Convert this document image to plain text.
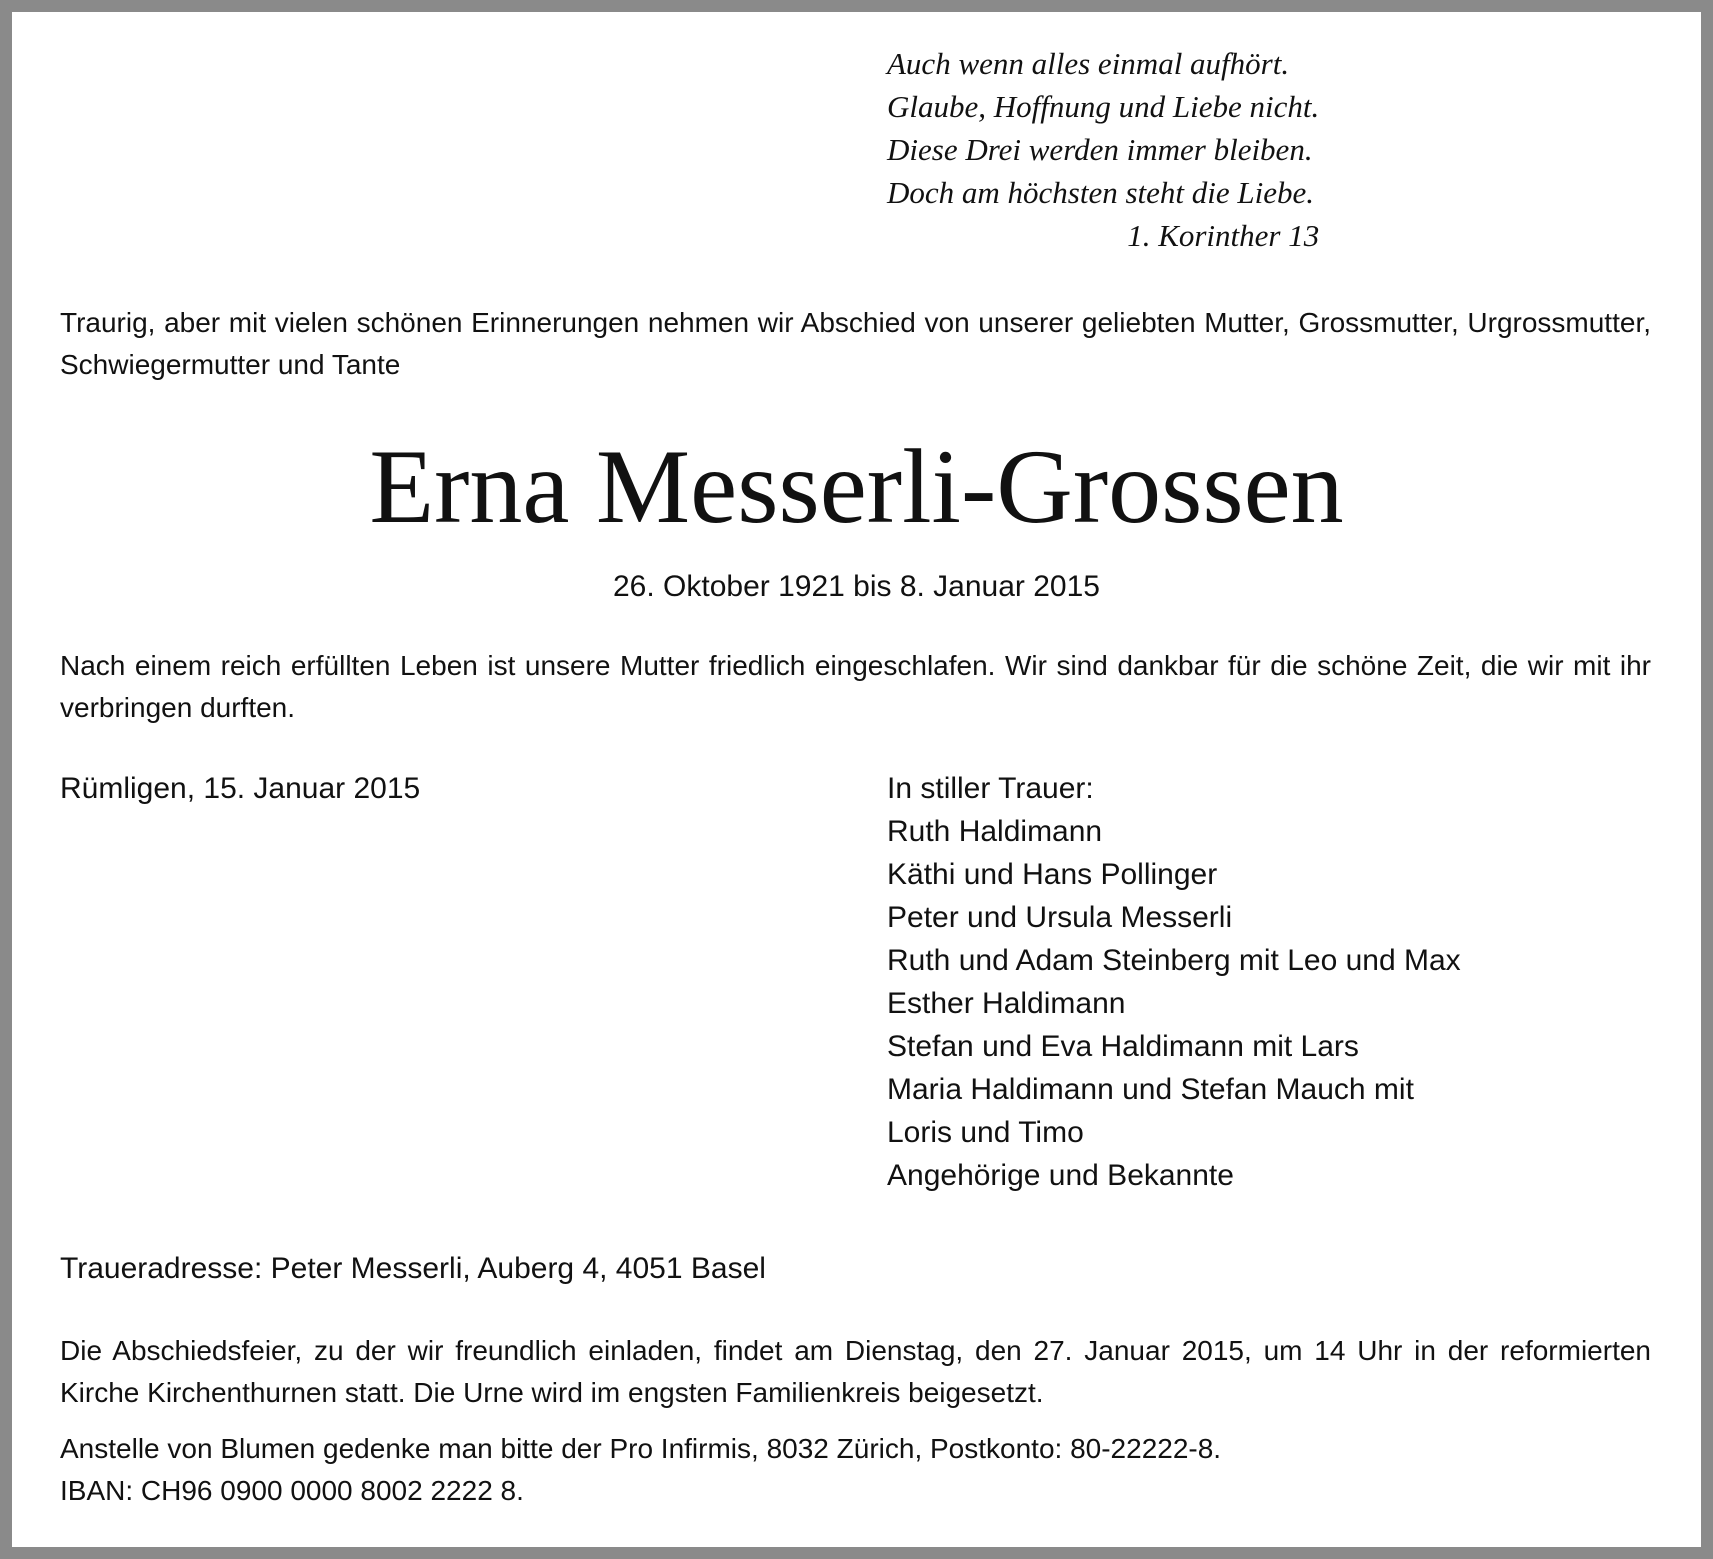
Auch wenn alles einmal aufhört.
Glaube, Hoffnung und Liebe nicht.
Diese Drei werden immer bleiben.
Doch am höchsten steht die Liebe.
1. Korinther 13
Traurig, aber mit vielen schönen Erinnerungen nehmen wir Abschied von unserer geliebten Mutter, Grossmutter, Urgrossmutter, Schwiegermutter und Tante
Erna Messerli-Grossen
26. Oktober 1921 bis 8. Januar 2015
Nach einem reich erfüllten Leben ist unsere Mutter friedlich eingeschlafen. Wir sind dankbar für die schöne Zeit, die wir mit ihr verbringen durften.
Rümligen, 15. Januar 2015	In stiller Trauer:
Ruth Haldimann
Käthi und Hans Pollinger
Peter und Ursula Messerli
Ruth und Adam Steinberg mit Leo und Max
Esther Haldimann
Stefan und Eva Haldimann mit Lars
Maria Haldimann und Stefan Mauch mit
Loris und Timo
Angehörige und Bekannte
Traueradresse: Peter Messerli, Auberg 4, 4051 Basel
Die Abschiedsfeier, zu der wir freundlich einladen, findet am Dienstag, den 27. Januar 2015, um 14 Uhr in der reformierten Kirche Kirchenthurnen statt. Die Urne wird im engsten Familienkreis beigesetzt.
Anstelle von Blumen gedenke man bitte der Pro Infirmis, 8032 Zürich, Postkonto: 80-22222-8.
IBAN: CH96 0900 0000 8002 2222 8.
